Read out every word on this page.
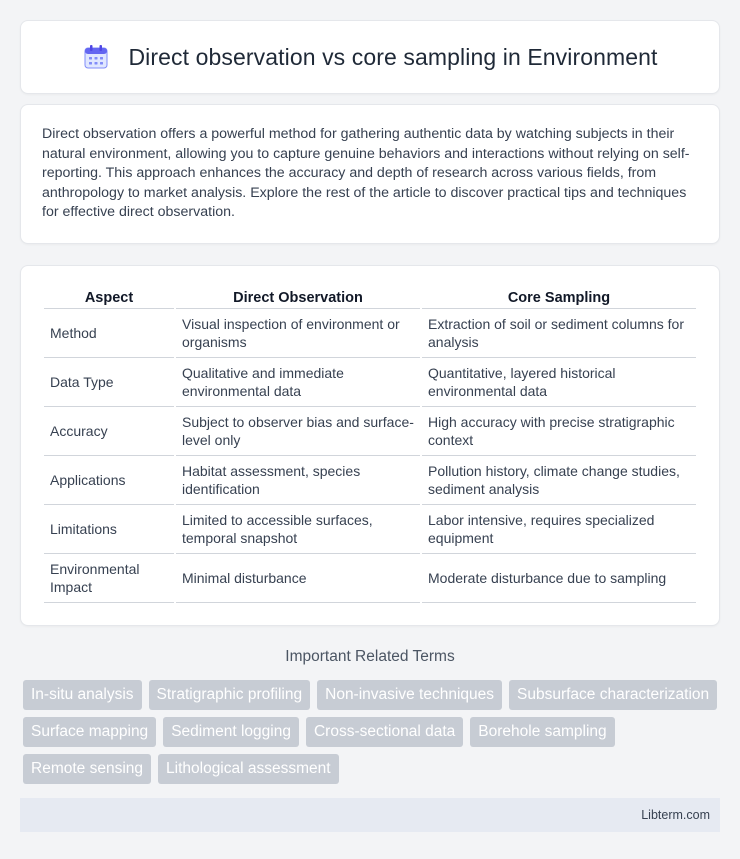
Direct observation vs core sampling in Environment

Direct observation offers a powerful method for gathering authentic data by watching subjects in their natural environment, allowing you to capture genuine behaviors and interactions without relying on self-reporting. This approach enhances the accuracy and depth of research across various fields, from anthropology to market analysis. Explore the rest of the article to discover practical tips and techniques for effective direct observation.

Aspect	Direct Observation	Core Sampling
Method	Visual inspection of environment or organisms	Extraction of soil or sediment columns for analysis
Data Type	Qualitative and immediate environmental data	Quantitative, layered historical environmental data
Accuracy	Subject to observer bias and surface-level only	High accuracy with precise stratigraphic context
Applications	Habitat assessment, species identification	Pollution history, climate change studies, sediment analysis
Limitations	Limited to accessible surfaces, temporal snapshot	Labor intensive, requires specialized equipment
Environmental Impact	Minimal disturbance	Moderate disturbance due to sampling
Important Related Terms
In-situ analysis	Stratigraphic profiling	Non-invasive techniques	Subsurface characterization
Surface mapping	Sediment logging	Cross-sectional data	Borehole sampling
Remote sensing	Lithological assessment
Libterm.com
